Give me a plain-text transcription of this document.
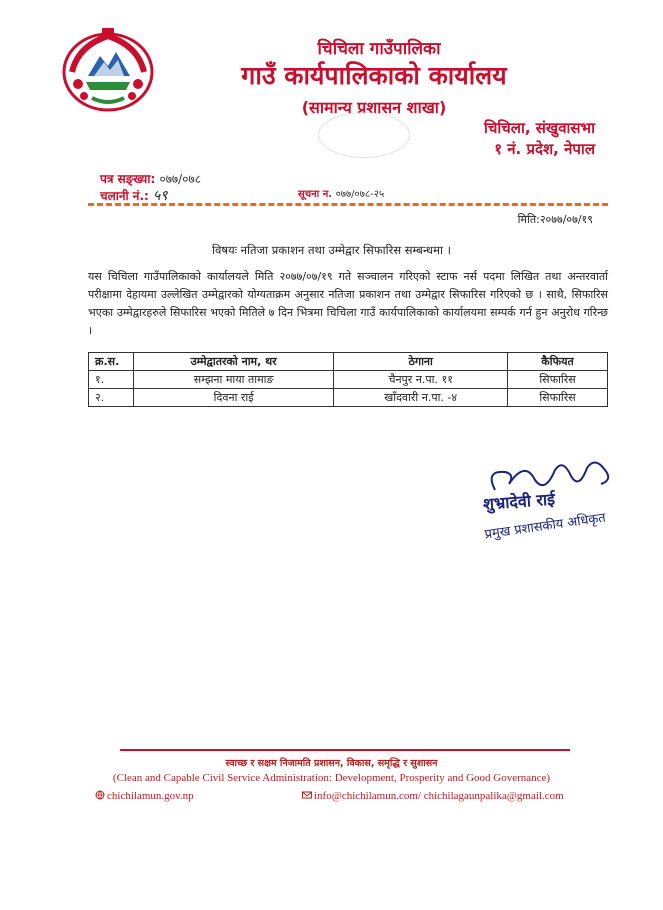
चिचिला गाउँपालिका
गाउँ कार्यपालिकाको कार्यालय
(सामान्य प्रशासन शाखा)
चिचिला, संखुवासभा
१ नं. प्रदेश, नेपाल
पत्र सङ्ख्या: ०७७/०७८
चलानी नं.: ५९	सूचना न. ०७७/०७८-२५
मिति:२०७७/०७/१९
विषयः नतिजा प्रकाशन तथा उम्मेद्वार सिफारिस सम्बन्धमा ।
यस चिचिला गाउँपालिकाको कार्यालयले मिति २०७७/०७/१९ गते सञ्चालन गरिएको स्टाफ नर्स पदमा लिखित तथा अन्तरवार्ता परीक्षामा देहायमा उल्लेखित उम्मेद्वारको योग्यताक्रम अनुसार नतिजा प्रकाशन तथा उम्मेद्वार सिफारिस गरिएको छ । साथै, सिफारिस भएका उम्मेद्वारहरुले सिफारिस भएको मितिले ७ दिन भित्रमा चिचिला गाउँ कार्यपालिकाको कार्यालयमा सम्पर्क गर्न हुन अनुरोध गरिन्छ ।
क्र.स.	उम्मेद्वातरको नाम, थर	ठेगाना	कैफियत
१.	सम्झना माया तामाङ	चैनपुर न.पा. ११	सिफारिस
२.	दिवना राई	खाँदवारी न.पा. -४	सिफारिस
शुभ्रादेवी राई
प्रमुख प्रशासकीय अधिकृत
स्वाच्छ र सक्षम निजामति प्रशासन, विकास, समृद्धि र सुशासन
(Clean and Capable Civil Service Administration: Development, Prosperity and Good Governance)
chichilamun.gov.np	info@chichilamun.com/ chichilagaunpalika@gmail.com
